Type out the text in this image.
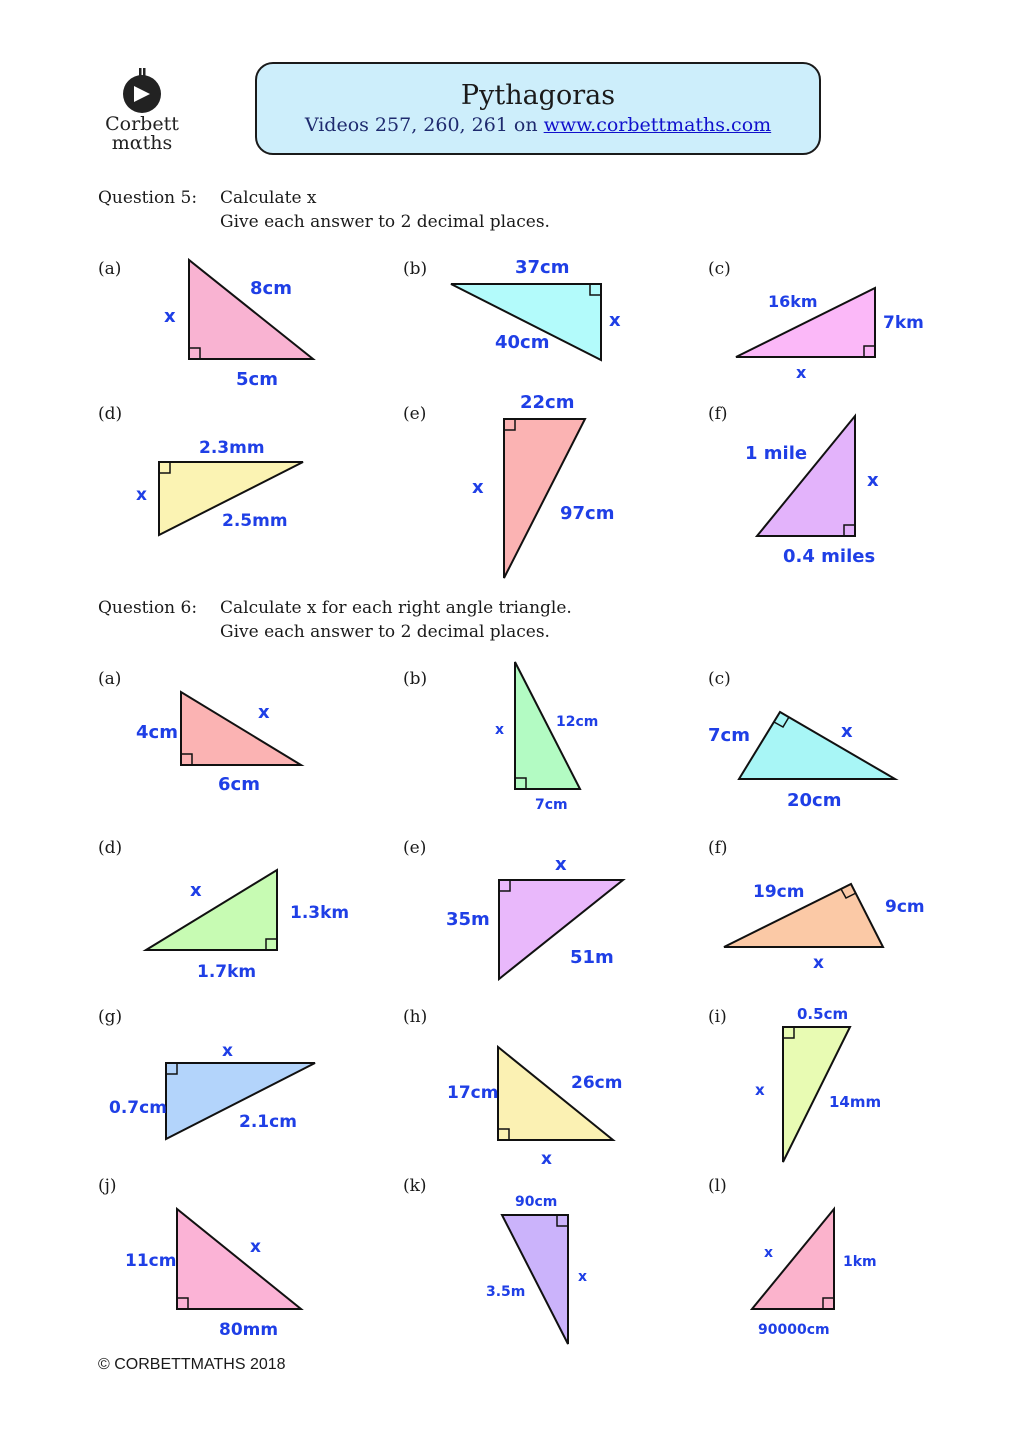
Corbett
mαths
Pythagoras
Videos 257, 260, 261 on www.corbettmaths.com
Question 5: Calculate x
Give each answer to 2 decimal places.
Question 6: Calculate x for each right angle triangle.
Give each answer to 2 decimal places.
(a)	(b)	(c)
(d)	(e)	(f)
(a)	(b)	(c)
(d)	(e)	(f)
(g)	(h)	(i)
(j)	(k)	(l)
8cm
x
5cm
37cm
x
40cm
16km
7km
x
2.3mm
x
2.5mm
22cm
x
97cm
1 mile
x
0.4 miles
4cm
x
6cm
x	12cm
7cm
7cm	x
20cm
x
1.3km
1.7km
x
35m
51m
19cm
9cm
x
x
0.7cm
2.1cm
17cm	26cm
x
0.5cm
x
14mm
11cm
x
80mm
90cm
3.5m
x
x
1km
90000cm
© CORBETTMATHS 2018
